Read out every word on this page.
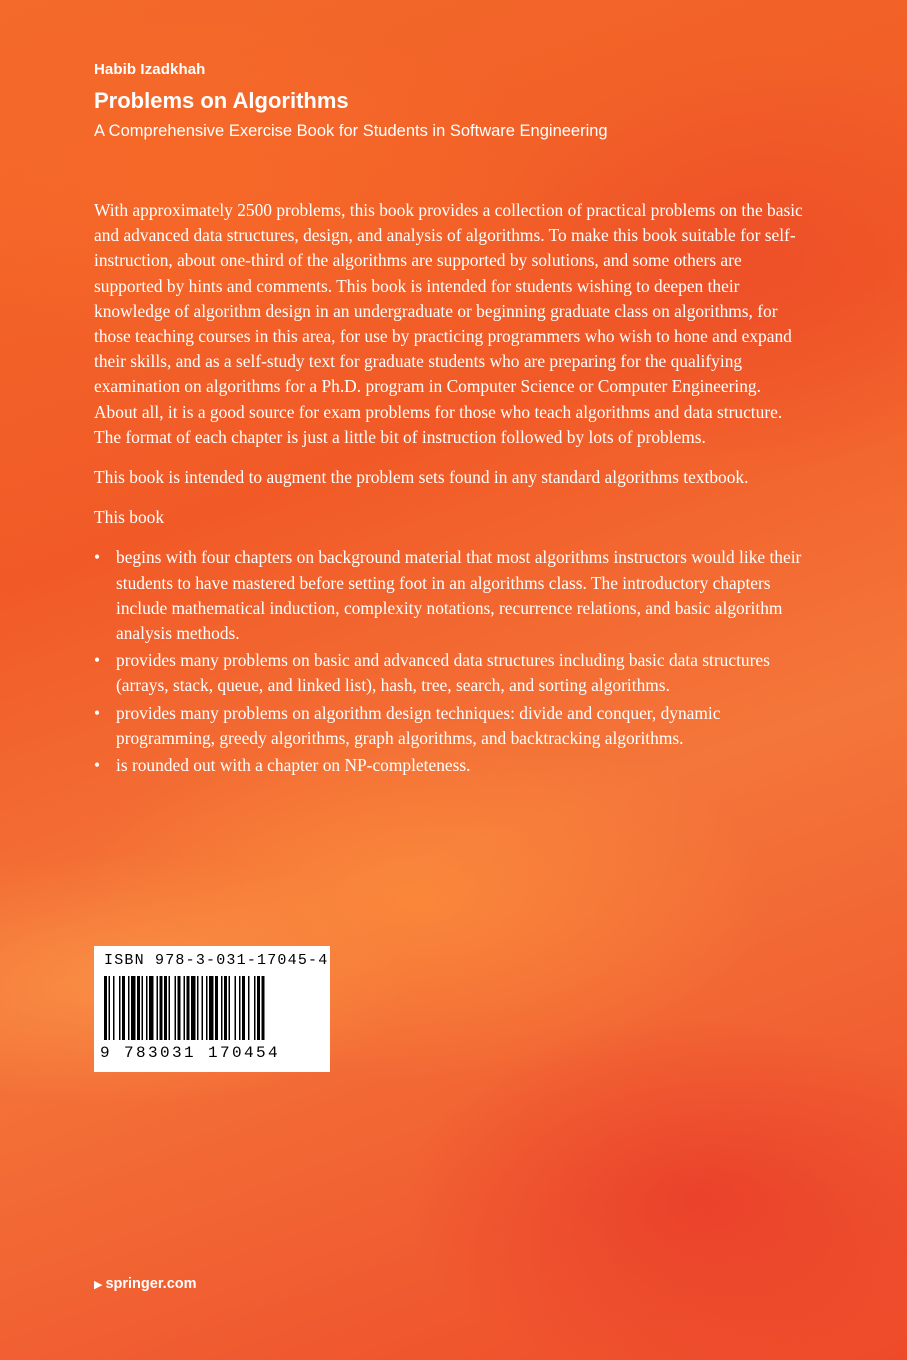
Habib Izadkhah
Problems on Algorithms
A Comprehensive Exercise Book for Students in Software Engineering

With approximately 2500 problems, this book provides a collection of practical problems on the basic and advanced data structures, design, and analysis of algorithms. To make this book suitable for self-instruction, about one-third of the algorithms are supported by solutions, and some others are supported by hints and comments. This book is intended for students wishing to deepen their knowledge of algorithm design in an undergraduate or beginning graduate class on algorithms, for those teaching courses in this area, for use by practicing programmers who wish to hone and expand their skills, and as a self-study text for graduate students who are preparing for the qualifying examination on algorithms for a Ph.D. program in Computer Science or Computer Engineering. About all, it is a good source for exam problems for those who teach algorithms and data structure. The format of each chapter is just a little bit of instruction followed by lots of problems.

This book is intended to augment the problem sets found in any standard algorithms textbook.

This book

• begins with four chapters on background material that most algorithms instructors would like their students to have mastered before setting foot in an algorithms class. The introductory chapters include mathematical induction, complexity notations, recurrence relations, and basic algorithm analysis methods.
• provides many problems on basic and advanced data structures including basic data structures (arrays, stack, queue, and linked list), hash, tree, search, and sorting algorithms.
• provides many problems on algorithm design techniques: divide and conquer, dynamic programming, greedy algorithms, graph algorithms, and backtracking algorithms.
• is rounded out with a chapter on NP-completeness.
ISBN 978-3-031-17045-4
9 783031 170454
▶ springer.com
